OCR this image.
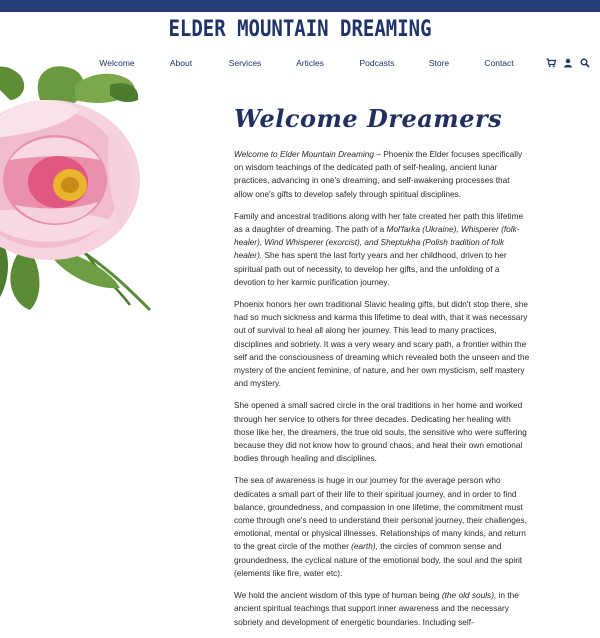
ELDER MOUNTAIN DREAMING
Welcome	About	Services	Articles	Podcasts	Store	Contact
Welcome Dreamers

Welcome to Elder Mountain Dreaming – Phoenix the Elder focuses specifically on wisdom teachings of the dedicated path of self-healing, ancient lunar practices, advancing in one's dreaming, and self-awakening processes that allow one's gifts to develop safely through spiritual disciplines.

Family and ancestral traditions along with her fate created her path this lifetime as a daughter of dreaming. The path of a Mol'farka (Ukraine), Whisperer (folk-healer), Wind Whisperer (exorcist), and Sheptukha (Polish tradition of folk healer). She has spent the last forty years and her childhood, driven to her spiritual path out of necessity, to develop her gifts, and the unfolding of a devotion to her karmic purification journey.

Phoenix honors her own traditional Slavic healing gifts, but didn't stop there, she had so much sickness and karma this lifetime to deal with, that it was necessary out of survival to heal all along her journey. This lead to many practices, disciplines and sobriety. It was a very weary and scary path, a frontier within the self and the consciousness of dreaming which revealed both the unseen and the mystery of the ancient feminine, of nature, and her own mysticism, self mastery and mystery.

She opened a small sacred circle in the oral traditions in her home and worked through her service to others for three decades. Dedicating her healing with those like her, the dreamers, the true old souls, the sensitive who were suffering because they did not know how to ground chaos, and heal their own emotional bodies through healing and disciplines.

The sea of awareness is huge in our journey for the average person who dedicates a small part of their life to their spiritual journey, and in order to find balance, groundedness, and compassion in one lifetime, the commitment must come through one's need to understand their personal journey, their challenges, emotional, mental or physical illnesses. Relationships of many kinds, and return to the great circle of the mother (earth), the circles of common sense and groundedness, the cyclical nature of the emotional body, the soul and the spirit (elements like fire, water etc).

We hold the ancient wisdom of this type of human being (the old souls), in the ancient spiritual teachings that support inner awareness and the necessary sobriety and development of energetic boundaries. Including self-
